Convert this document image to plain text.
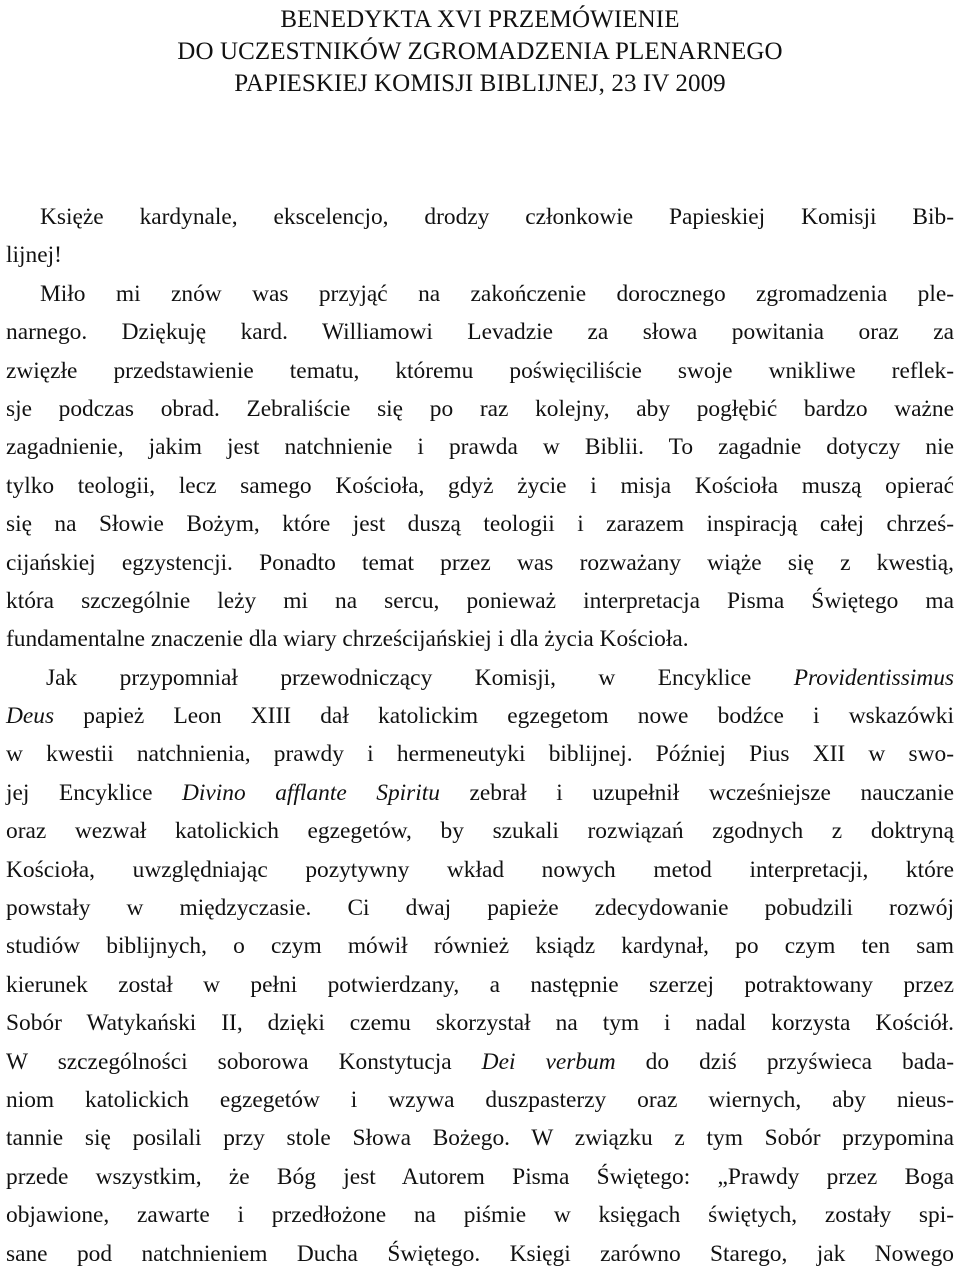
BENEDYKTA XVI PRZEMÓWIENIE
DO UCZESTNIKÓW ZGROMADZENIA PLENARNEGO
PAPIESKIEJ KOMISJI BIBLIJNEJ, 23 IV 2009
Księże kardynale, ekscelencjo, drodzy członkowie Papieskiej Komisji Bib-
lijnej!
Miło mi znów was przyjąć na zakończenie dorocznego zgromadzenia ple-
narnego. Dziękuję kard. Williamowi Levadzie za słowa powitania oraz za
zwięzłe przedstawienie tematu, któremu poświęciliście swoje wnikliwe reflek-
sje podczas obrad. Zebraliście się po raz kolejny, aby pogłębić bardzo ważne
zagadnienie, jakim jest natchnienie i prawda w Biblii. To zagadnie dotyczy nie
tylko teologii, lecz samego Kościoła, gdyż życie i misja Kościoła muszą opierać
się na Słowie Bożym, które jest duszą teologii i zarazem inspiracją całej chrześ-
cijańskiej egzystencji. Ponadto temat przez was rozważany wiąże się z kwestią,
która szczególnie leży mi na sercu, ponieważ interpretacja Pisma Świętego ma
fundamentalne znaczenie dla wiary chrześcijańskiej i dla życia Kościoła.
Jak przypomniał przewodniczący Komisji, w Encyklice Providentissimus
Deus papież Leon XIII dał katolickim egzegetom nowe bodźce i wskazówki
w kwestii natchnienia, prawdy i hermeneutyki biblijnej. Później Pius XII w swo-
jej Encyklice Divino afflante Spiritu zebrał i uzupełnił wcześniejsze nauczanie
oraz wezwał katolickich egzegetów, by szukali rozwiązań zgodnych z doktryną
Kościoła, uwzględniając pozytywny wkład nowych metod interpretacji, które
powstały w międzyczasie. Ci dwaj papieże zdecydowanie pobudzili rozwój
studiów biblijnych, o czym mówił również ksiądz kardynał, po czym ten sam
kierunek został w pełni potwierdzany, a następnie szerzej potraktowany przez
Sobór Watykański II, dzięki czemu skorzystał na tym i nadal korzysta Kościół.
W szczególności soborowa Konstytucja Dei verbum do dziś przyświeca bada-
niom katolickich egzegetów i wzywa duszpasterzy oraz wiernych, aby nieus-
tannie się posilali przy stole Słowa Bożego. W związku z tym Sobór przypomina
przede wszystkim, że Bóg jest Autorem Pisma Świętego: „Prawdy przez Boga
objawione, zawarte i przedłożone na piśmie w księgach świętych, zostały spi-
sane pod natchnieniem Ducha Świętego. Księgi zarówno Starego, jak Nowego
